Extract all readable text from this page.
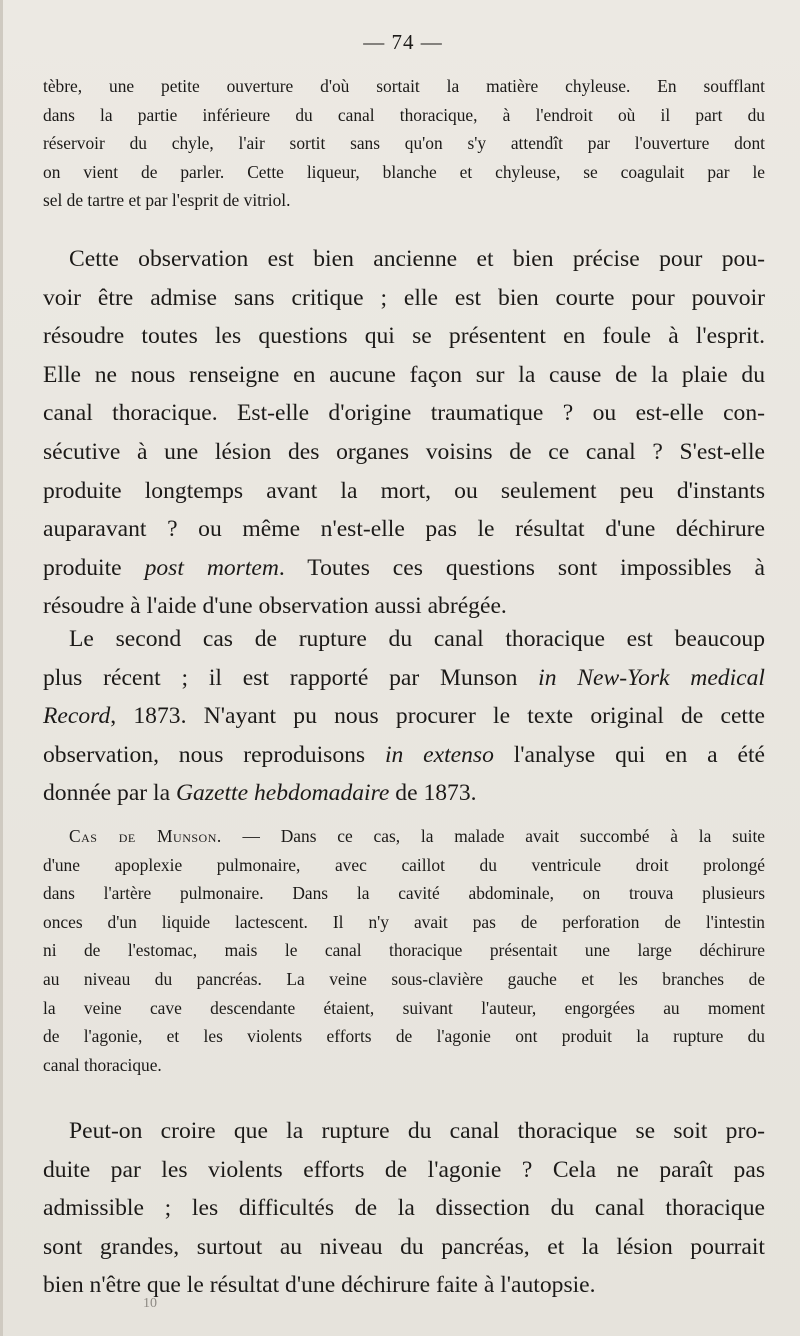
— 74 —
tèbre, une petite ouverture d'où sortait la matière chyleuse. En soufflant
dans la partie inférieure du canal thoracique, à l'endroit où il part du
réservoir du chyle, l'air sortit sans qu'on s'y attendît par l'ouverture dont
on vient de parler. Cette liqueur, blanche et chyleuse, se coagulait par le
sel de tartre et par l'esprit de vitriol.
Cette observation est bien ancienne et bien précise pour pou-
voir être admise sans critique ; elle est bien courte pour pouvoir
résoudre toutes les questions qui se présentent en foule à l'esprit.
Elle ne nous renseigne en aucune façon sur la cause de la plaie du
canal thoracique. Est-elle d'origine traumatique ? ou est-elle con-
sécutive à une lésion des organes voisins de ce canal ? S'est-elle
produite longtemps avant la mort, ou seulement peu d'instants
auparavant ? ou même n'est-elle pas le résultat d'une déchirure
produite post mortem. Toutes ces questions sont impossibles à
résoudre à l'aide d'une observation aussi abrégée.
Le second cas de rupture du canal thoracique est beaucoup
plus récent ; il est rapporté par Munson in New-York medical
Record, 1873. N'ayant pu nous procurer le texte original de cette
observation, nous reproduisons in extenso l'analyse qui en a été
donnée par la Gazette hebdomadaire de 1873.
Cas de Munson. — Dans ce cas, la malade avait succombé à la suite
d'une apoplexie pulmonaire, avec caillot du ventricule droit prolongé
dans l'artère pulmonaire. Dans la cavité abdominale, on trouva plusieurs
onces d'un liquide lactescent. Il n'y avait pas de perforation de l'intestin
ni de l'estomac, mais le canal thoracique présentait une large déchirure
au niveau du pancréas. La veine sous-clavière gauche et les branches de
la veine cave descendante étaient, suivant l'auteur, engorgées au moment
de l'agonie, et les violents efforts de l'agonie ont produit la rupture du
canal thoracique.
Peut-on croire que la rupture du canal thoracique se soit pro-
duite par les violents efforts de l'agonie ? Cela ne paraît pas
admissible ; les difficultés de la dissection du canal thoracique
sont grandes, surtout au niveau du pancréas, et la lésion pourrait
bien n'être que le résultat d'une déchirure faite à l'autopsie.
10
